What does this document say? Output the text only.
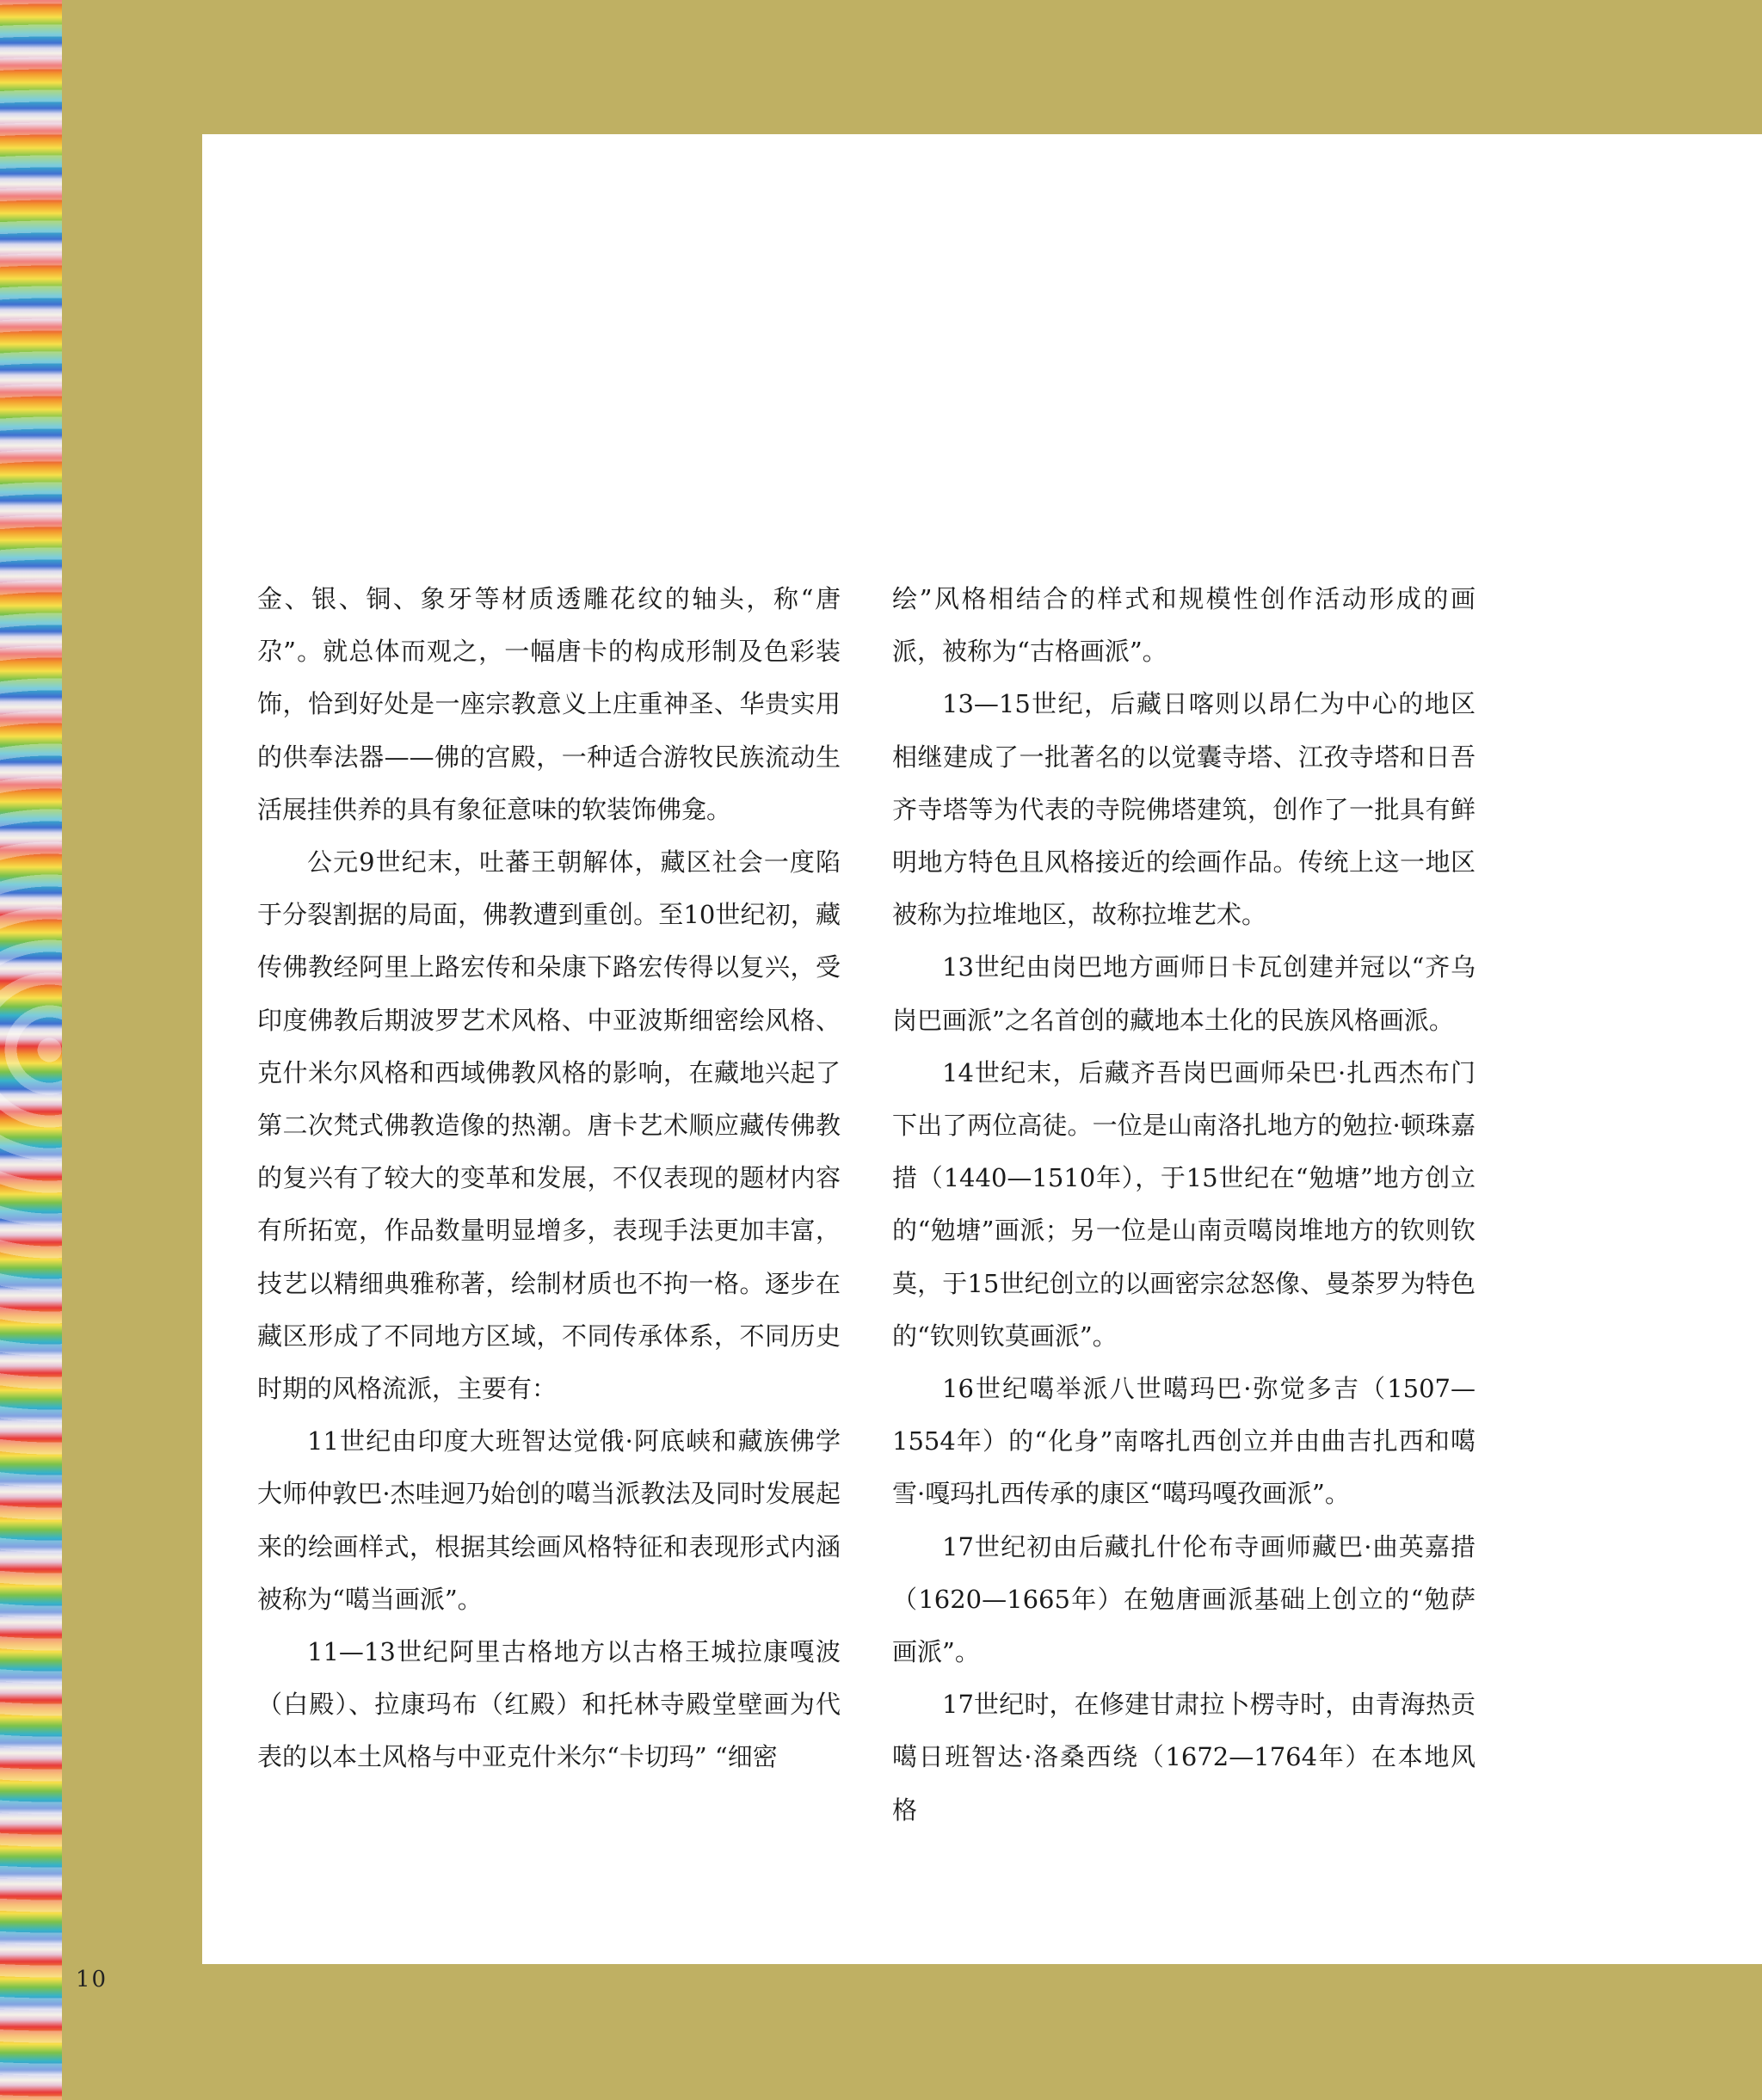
金、银、铜、象牙等材质透雕花纹的轴头，称“唐尕”。就总体而观之，一幅唐卡的构成形制及色彩装饰，恰到好处是一座宗教意义上庄重神圣、华贵实用的供奉法器——佛的宫殿，一种适合游牧民族流动生活展挂供养的具有象征意味的软装饰佛龛。

公元9世纪末，吐蕃王朝解体，藏区社会一度陷于分裂割据的局面，佛教遭到重创。至10世纪初，藏传佛教经阿里上路宏传和朵康下路宏传得以复兴，受印度佛教后期波罗艺术风格、中亚波斯细密绘风格、克什米尔风格和西域佛教风格的影响，在藏地兴起了第二次梵式佛教造像的热潮。唐卡艺术顺应藏传佛教的复兴有了较大的变革和发展，不仅表现的题材内容有所拓宽，作品数量明显增多，表现手法更加丰富，技艺以精细典雅称著，绘制材质也不拘一格。逐步在藏区形成了不同地方区域，不同传承体系，不同历史时期的风格流派，主要有：

11世纪由印度大班智达觉俄·阿底峡和藏族佛学大师仲敦巴·杰哇迥乃始创的噶当派教法及同时发展起来的绘画样式，根据其绘画风格特征和表现形式内涵被称为“噶当画派”。

11—13世纪阿里古格地方以古格王城拉康嘎波（白殿）、拉康玛布（红殿）和托林寺殿堂壁画为代表的以本土风格与中亚克什米尔“卡切玛” “细密

绘”风格相结合的样式和规模性创作活动形成的画派，被称为“古格画派”。

13—15世纪，后藏日喀则以昂仁为中心的地区相继建成了一批著名的以觉囊寺塔、江孜寺塔和日吾齐寺塔等为代表的寺院佛塔建筑，创作了一批具有鲜明地方特色且风格接近的绘画作品。传统上这一地区被称为拉堆地区，故称拉堆艺术。

13世纪由岗巴地方画师日卡瓦创建并冠以“齐乌岗巴画派”之名首创的藏地本土化的民族风格画派。

14世纪末，后藏齐吾岗巴画师朵巴·扎西杰布门下出了两位高徒。一位是山南洛扎地方的勉拉·顿珠嘉措（1440—1510年），于15世纪在“勉塘”地方创立的“勉塘”画派；另一位是山南贡噶岗堆地方的钦则钦莫，于15世纪创立的以画密宗忿怒像、曼荼罗为特色的“钦则钦莫画派”。

16世纪噶举派八世噶玛巴·弥觉多吉（1507—1554年）的“化身”南喀扎西创立并由曲吉扎西和噶雪·嘎玛扎西传承的康区“噶玛嘎孜画派”。

17世纪初由后藏扎什伦布寺画师藏巴·曲英嘉措（1620—1665年）在勉唐画派基础上创立的“勉萨画派”。

17世纪时，在修建甘肃拉卜楞寺时，由青海热贡噶日班智达·洛桑西绕（1672—1764年）在本地风格

10
